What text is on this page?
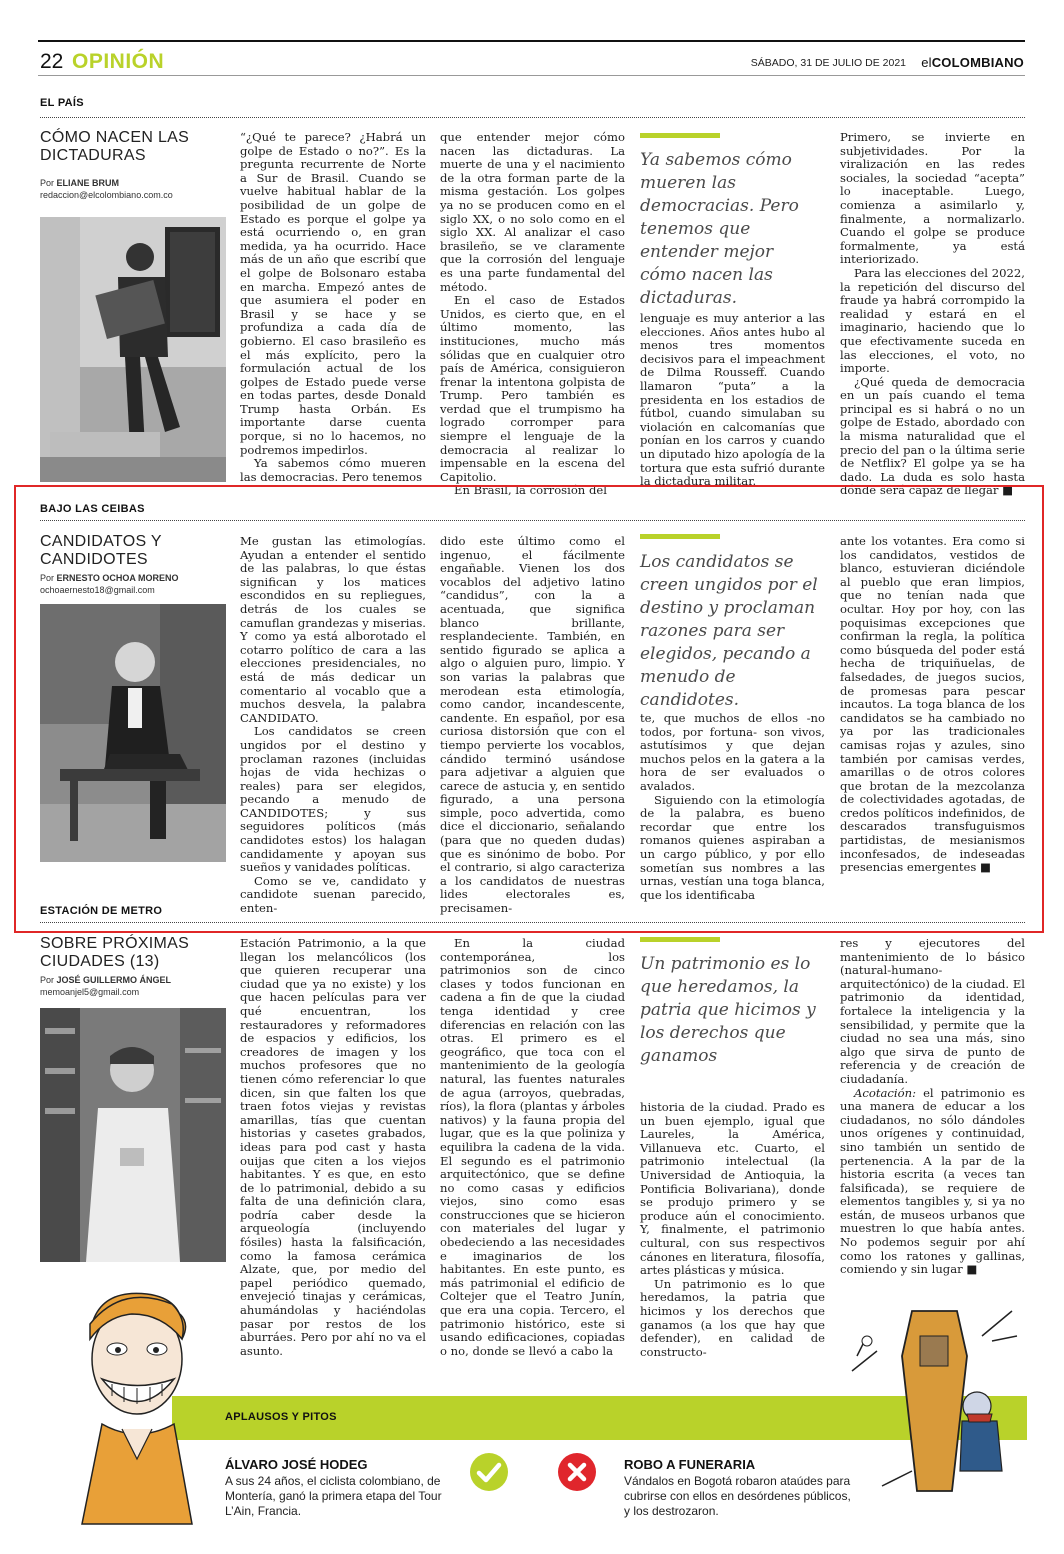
22 OPINIÓN	SÁBADO, 31 DE JULIO DE 2021 elCOLOMBIANO
EL PAÍS
CÓMO NACEN LAS DICTADURAS
Por ELIANE BRUM
redaccion@elcolombiano.com.co

“¿Qué te parece? ¿Habrá un golpe de Estado o no?”. Es la pregunta recurrente de Norte a Sur de Brasil. Cuando se vuelve habitual hablar de la posibilidad de un golpe de Estado es porque el golpe ya está ocurriendo o, en gran medida, ya ha ocurrido. Hace más de un año que escribí que el golpe de Bolsonaro estaba en marcha. Empezó antes de que asumiera el poder en Brasil y se hace y se profundiza a cada día de gobierno. El caso brasileño es el más explícito, pero la formulación actual de los golpes de Estado puede verse en todas partes, desde Donald Trump hasta Orbán. Es importante darse cuenta porque, si no lo hacemos, no podremos impedirlos.

Ya sabemos cómo mueren las democracias. Pero tenemos

que entender mejor cómo nacen las dictaduras. La muerte de una y el nacimiento de la otra forman parte de la misma gestación. Los golpes ya no se producen como en el siglo XX, o no solo como en el siglo XX. Al analizar el caso brasileño, se ve claramente que la corrosión del lenguaje es una parte fundamental del método.

En el caso de Estados Unidos, es cierto que, en el último momento, las instituciones, mucho más sólidas que en cualquier otro país de América, consiguieron frenar la intentona golpista de Trump. Pero también es verdad que el trumpismo ha logrado corromper para siempre el lenguaje de la democracia al realizar lo impensable en la escena del Capitolio.

En Brasil, la corrosión del

Ya sabemos cómo mueren las democracias. Pero tenemos que entender mejor cómo nacen las dictaduras.

lenguaje es muy anterior a las elecciones. Años antes hubo al menos tres momentos decisivos para el impeachment de Dilma Rousseff. Cuando llamaron “puta” a la presidenta en los estadios de fútbol, cuando simulaban su violación en calcomanías que ponían en los carros y cuando un diputado hizo apología de la tortura que esta sufrió durante la dictadura militar.

Primero, se invierte en subjetividades. Por la viralización en las redes sociales, la sociedad “acepta” lo inaceptable. Luego, comienza a asimilarlo y, finalmente, a normalizarlo. Cuando el golpe se produce formalmente, ya está interiorizado.

Para las elecciones del 2022, la repetición del discurso del fraude ya habrá corrompido la realidad y estará en el imaginario, haciendo que lo que efectivamente suceda en las elecciones, el voto, no importe.

¿Qué queda de democracia en un país cuando el tema principal es si habrá o no un golpe de Estado, abordado con la misma naturalidad que el precio del pan o la última serie de Netflix? El golpe ya se ha dado. La duda es solo hasta dónde será capaz de llegar ■

BAJO LAS CEIBAS
CANDIDATOS Y CANDIDOTES
Por ERNESTO OCHOA MORENO
ochoaernesto18@gmail.com

Me gustan las etimologías. Ayudan a entender el sentido de las palabras, lo que éstas significan y los matices escondidos en su repliegues, detrás de los cuales se camuflan grandezas y miserias. Y como ya está alborotado el cotarro político de cara a las elecciones presidenciales, no está de más dedicar un comentario al vocablo que a muchos desvela, la palabra CANDIDATO.

Los candidatos se creen ungidos por el destino y proclaman razones (incluidas hojas de vida hechizas o reales) para ser elegidos, pecando a menudo de CANDIDOTES; y sus seguidores políticos (más candidotes estos) los halagan candidamente y apoyan sus sueños y vanidades políticas.

Como se ve, candidato y candidote suenan parecido, enten-

dido este último como el ingenuo, el fácilmente engañable. Vienen los dos vocablos del adjetivo latino “candidus”, con la a acentuada, que significa blanco brillante, resplandeciente. También, en sentido figurado se aplica a algo o alguien puro, limpio. Y son varias la palabras que merodean esta etimología, como candor, incandescente, candente. En español, por esa curiosa distorsión que con el tiempo pervierte los vocablos, cándido terminó usándose para adjetivar a alguien que carece de astucia y, en sentido figurado, a una persona simple, poco advertida, como dice el diccionario, señalando (para que no queden dudas) que es sinónimo de bobo. Por el contrario, si algo caracteriza a los candidatos de nuestras lides electorales es, precisamen-

Los candidatos se creen ungidos por el destino y proclaman razones para ser elegidos, pecando a menudo de candidotes.

te, que muchos de ellos -no todos, por fortuna- son vivos, astutísimos y que dejan muchos pelos en la gatera a la hora de ser evaluados o avalados.

Siguiendo con la etimología de la palabra, es bueno recordar que entre los romanos quienes aspiraban a un cargo público, y por ello sometían sus nombres a las urnas, vestían una toga blanca, que los identificaba

ante los votantes. Era como si los candidatos, vestidos de blanco, estuvieran diciéndole al pueblo que eran limpios, que no tenían nada que ocultar. Hoy por hoy, con las poquisimas excepciones que confirman la regla, la política como búsqueda del poder está hecha de triquiñuelas, de falsedades, de juegos sucios, de promesas para pescar incautos. La toga blanca de los candidatos se ha cambiado no ya por las tradicionales camisas rojas y azules, sino también por camisas verdes, amarillas o de otros colores que brotan de la mezcolanza de colectividades agotadas, de credos políticos indefinidos, de descarados transfuguismos partidistas, de mesianismos inconfesados, de indeseadas presencias emergentes ■

ESTACIÓN DE METRO
SOBRE PRÓXIMAS CIUDADES (13)
Por JOSÉ GUILLERMO ÁNGEL
memoanjel5@gmail.com

Estación Patrimonio, a la que llegan los melancólicos (los que quieren recuperar una ciudad que ya no existe) y los que hacen películas para ver qué encuentran, los restauradores y reformadores de espacios y edificios, los creadores de imagen y los muchos profesores que no tienen cómo referenciar lo que dicen, sin que falten los que traen fotos viejas y revistas amarillas, tías que cuentan historias y casetes grabados, ideas para pod cast y hasta ouijas que citen a los viejos habitantes. Y es que, en esto de lo patrimonial, debido a su falta de una definición clara, podría caber desde la arqueología (incluyendo fósiles) hasta la falsificación, como la famosa cerámica Alzate, que, por medio del papel periódico quemado, envejeció tinajas y cerámicas, ahumándolas y haciéndolas pasar por restos de los aburráes. Pero por ahí no va el asunto.

En la ciudad contemporánea, los patrimonios son de cinco clases y todos funcionan en cadena a fin de que la ciudad tenga identidad y cree diferencias en relación con las otras. El primero es el geográfico, que toca con el mantenimiento de la geología natural, las fuentes naturales de agua (arroyos, quebradas, ríos), la flora (plantas y árboles nativos) y la fauna propia del lugar, que es la que poliniza y equilibra la cadena de la vida. El segundo es el patrimonio arquitectónico, que se define no como casas y edificios viejos, sino como esas construcciones que se hicieron con materiales del lugar y obedeciendo a las necesidades e imaginarios de los habitantes. En este punto, es más patrimonial el edificio de Coltejer que el Teatro Junín, que era una copia. Tercero, el patrimonio histórico, este si usando edificaciones, copiadas o no, donde se llevó a cabo la

Un patrimonio es lo que heredamos, la patria que hicimos y los derechos que ganamos

historia de la ciudad. Prado es un buen ejemplo, igual que Laureles, la América, Villanueva etc. Cuarto, el patrimonio intelectual (la Universidad de Antioquia, la Pontificia Bolivariana), donde se produjo primero y se produce aún el conocimiento. Y, finalmente, el patrimonio cultural, con sus respectivos cánones en literatura, filosofía, artes plásticas y música.

Un patrimonio es lo que heredamos, la patria que hicimos y los derechos que ganamos (a los que hay que defender), en calidad de constructo-

res y ejecutores del mantenimiento de lo básico (natural-humano-arquitectónico) de la ciudad. El patrimonio da identidad, fortalece la inteligencia y la sensibilidad, y permite que la ciudad no sea una más, sino algo que sirva de punto de referencia y de creación de ciudadanía.

Acotación: el patrimonio es una manera de educar a los ciudadanos, no sólo dándoles unos orígenes y continuidad, sino también un sentido de pertenencia. A la par de la historia escrita (a veces tan falsificada), se requiere de elementos tangibles y, si ya no están, de museos urbanos que muestren lo que había antes. No podemos seguir por ahí como los ratones y gallinas, comiendo y sin lugar ■

APLAUSOS Y PITOS
ÁLVARO JOSÉ HODEG
A sus 24 años, el ciclista colombiano, de Montería, ganó la primera etapa del Tour L’Ain, Francia.
ROBO A FUNERARIA
Vándalos en Bogotá robaron ataúdes para cubrirse con ellos en desórdenes públicos, y los destrozaron.
